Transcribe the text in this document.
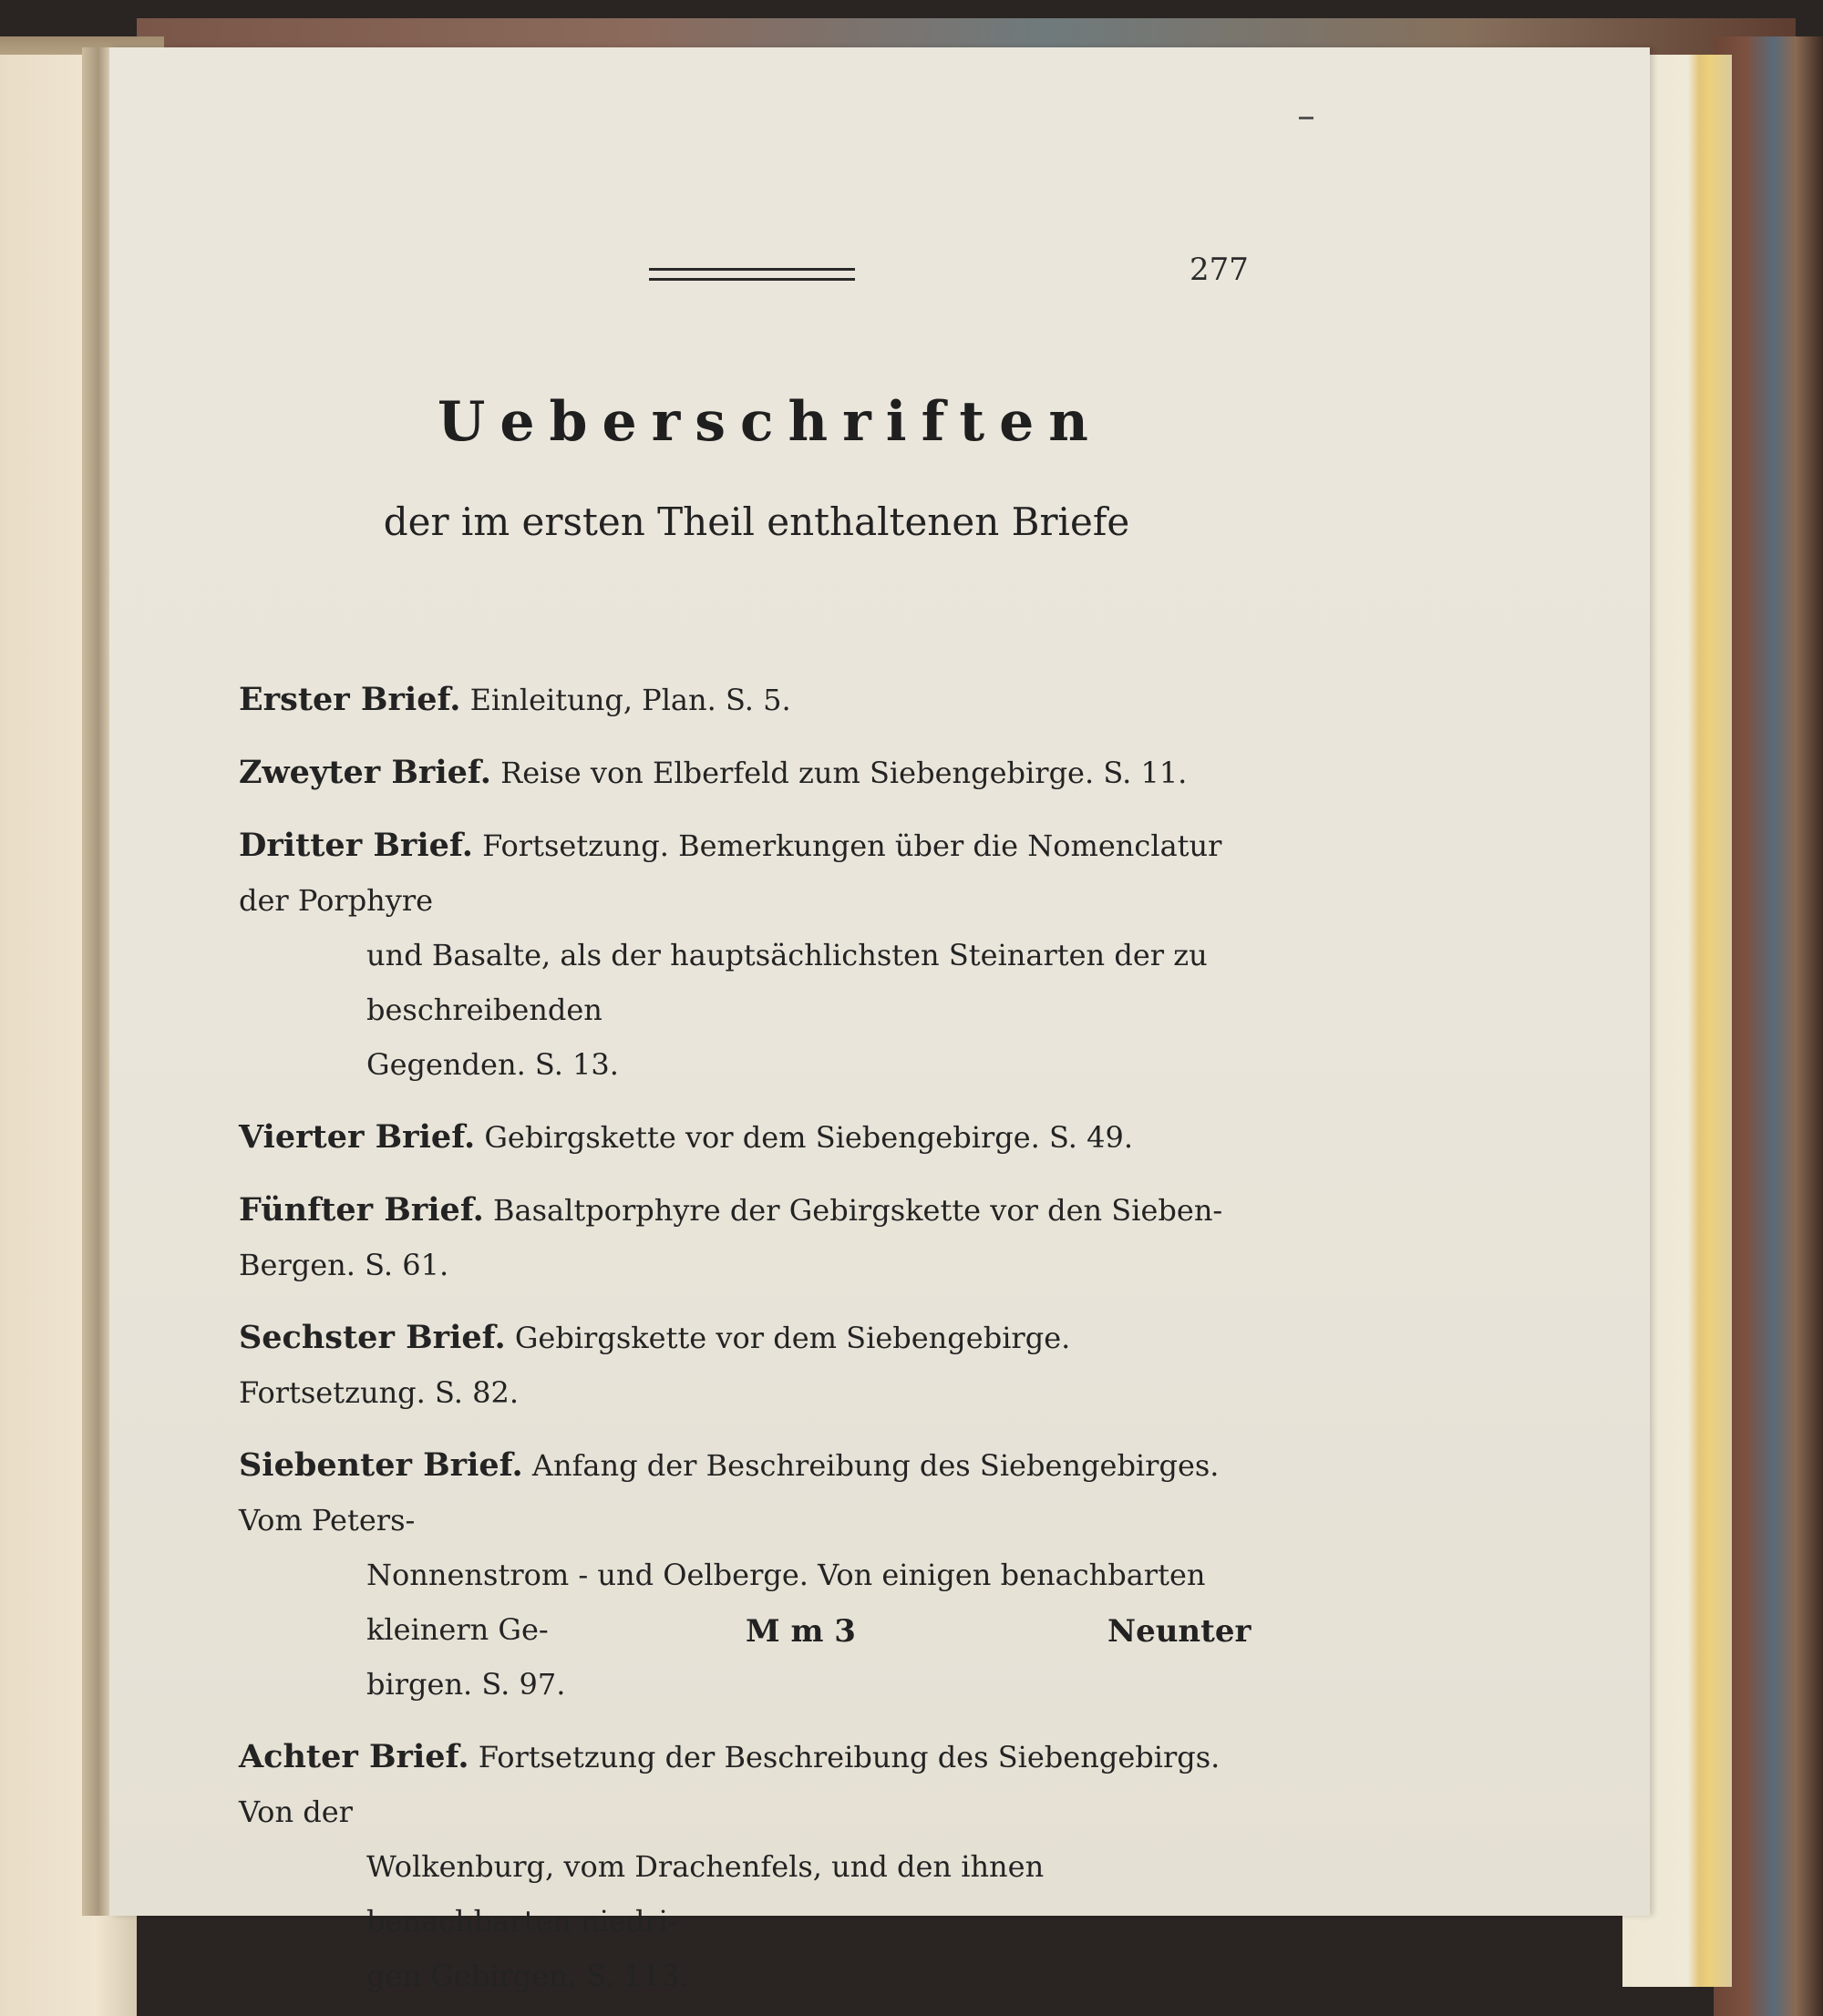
277
Ueberschriften
der im ersten Theil enthaltenen Briefe
Erster Brief. Einleitung, Plan. S. 5.
Zweyter Brief. Reise von Elberfeld zum Siebengebirge. S. 11.
Dritter Brief. Fortsetzung. Bemerkungen über die Nomenclatur der Porphyre
und Basalte, als der hauptsächlichsten Steinarten der zu beschreibenden
Gegenden. S. 13.
Vierter Brief. Gebirgskette vor dem Siebengebirge. S. 49.
Fünfter Brief. Basaltporphyre der Gebirgskette vor den Sieben-Bergen. S. 61.
Sechster Brief. Gebirgskette vor dem Siebengebirge. Fortsetzung. S. 82.
Siebenter Brief. Anfang der Beschreibung des Siebengebirges. Vom Peters-
Nonnenstrom - und Oelberge. Von einigen benachbarten kleinern Ge-
birgen. S. 97.
Achter Brief. Fortsetzung der Beschreibung des Siebengebirgs. Von der
Wolkenburg, vom Drachenfels, und den ihnen benachbarten niedri-
gen Gebirgen. S. 113.
M m 3	Neunter
